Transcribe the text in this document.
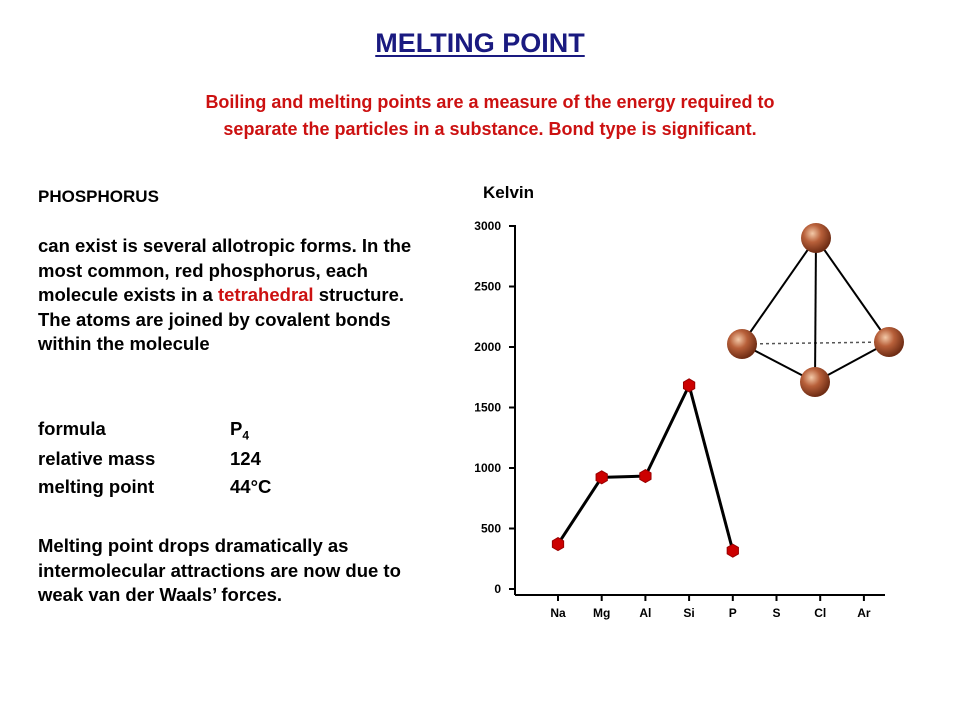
MELTING POINT
Boiling and melting points are a measure of the energy required to
separate the particles in a substance. Bond type is significant.
PHOSPHORUS
can exist is several allotropic forms. In the most common, red phosphorus, each molecule exists in a tetrahedral structure. The atoms are joined by covalent bonds within the molecule
formula	$P_4$
relative mass	124
melting point	44°C
Melting point drops dramatically as intermolecular attractions are now due to weak van der Waals’ forces.
Kelvin
0
500
1000
1500
2000
2500
3000
Na Mg Al	Si	P	S	Cl	Ar
